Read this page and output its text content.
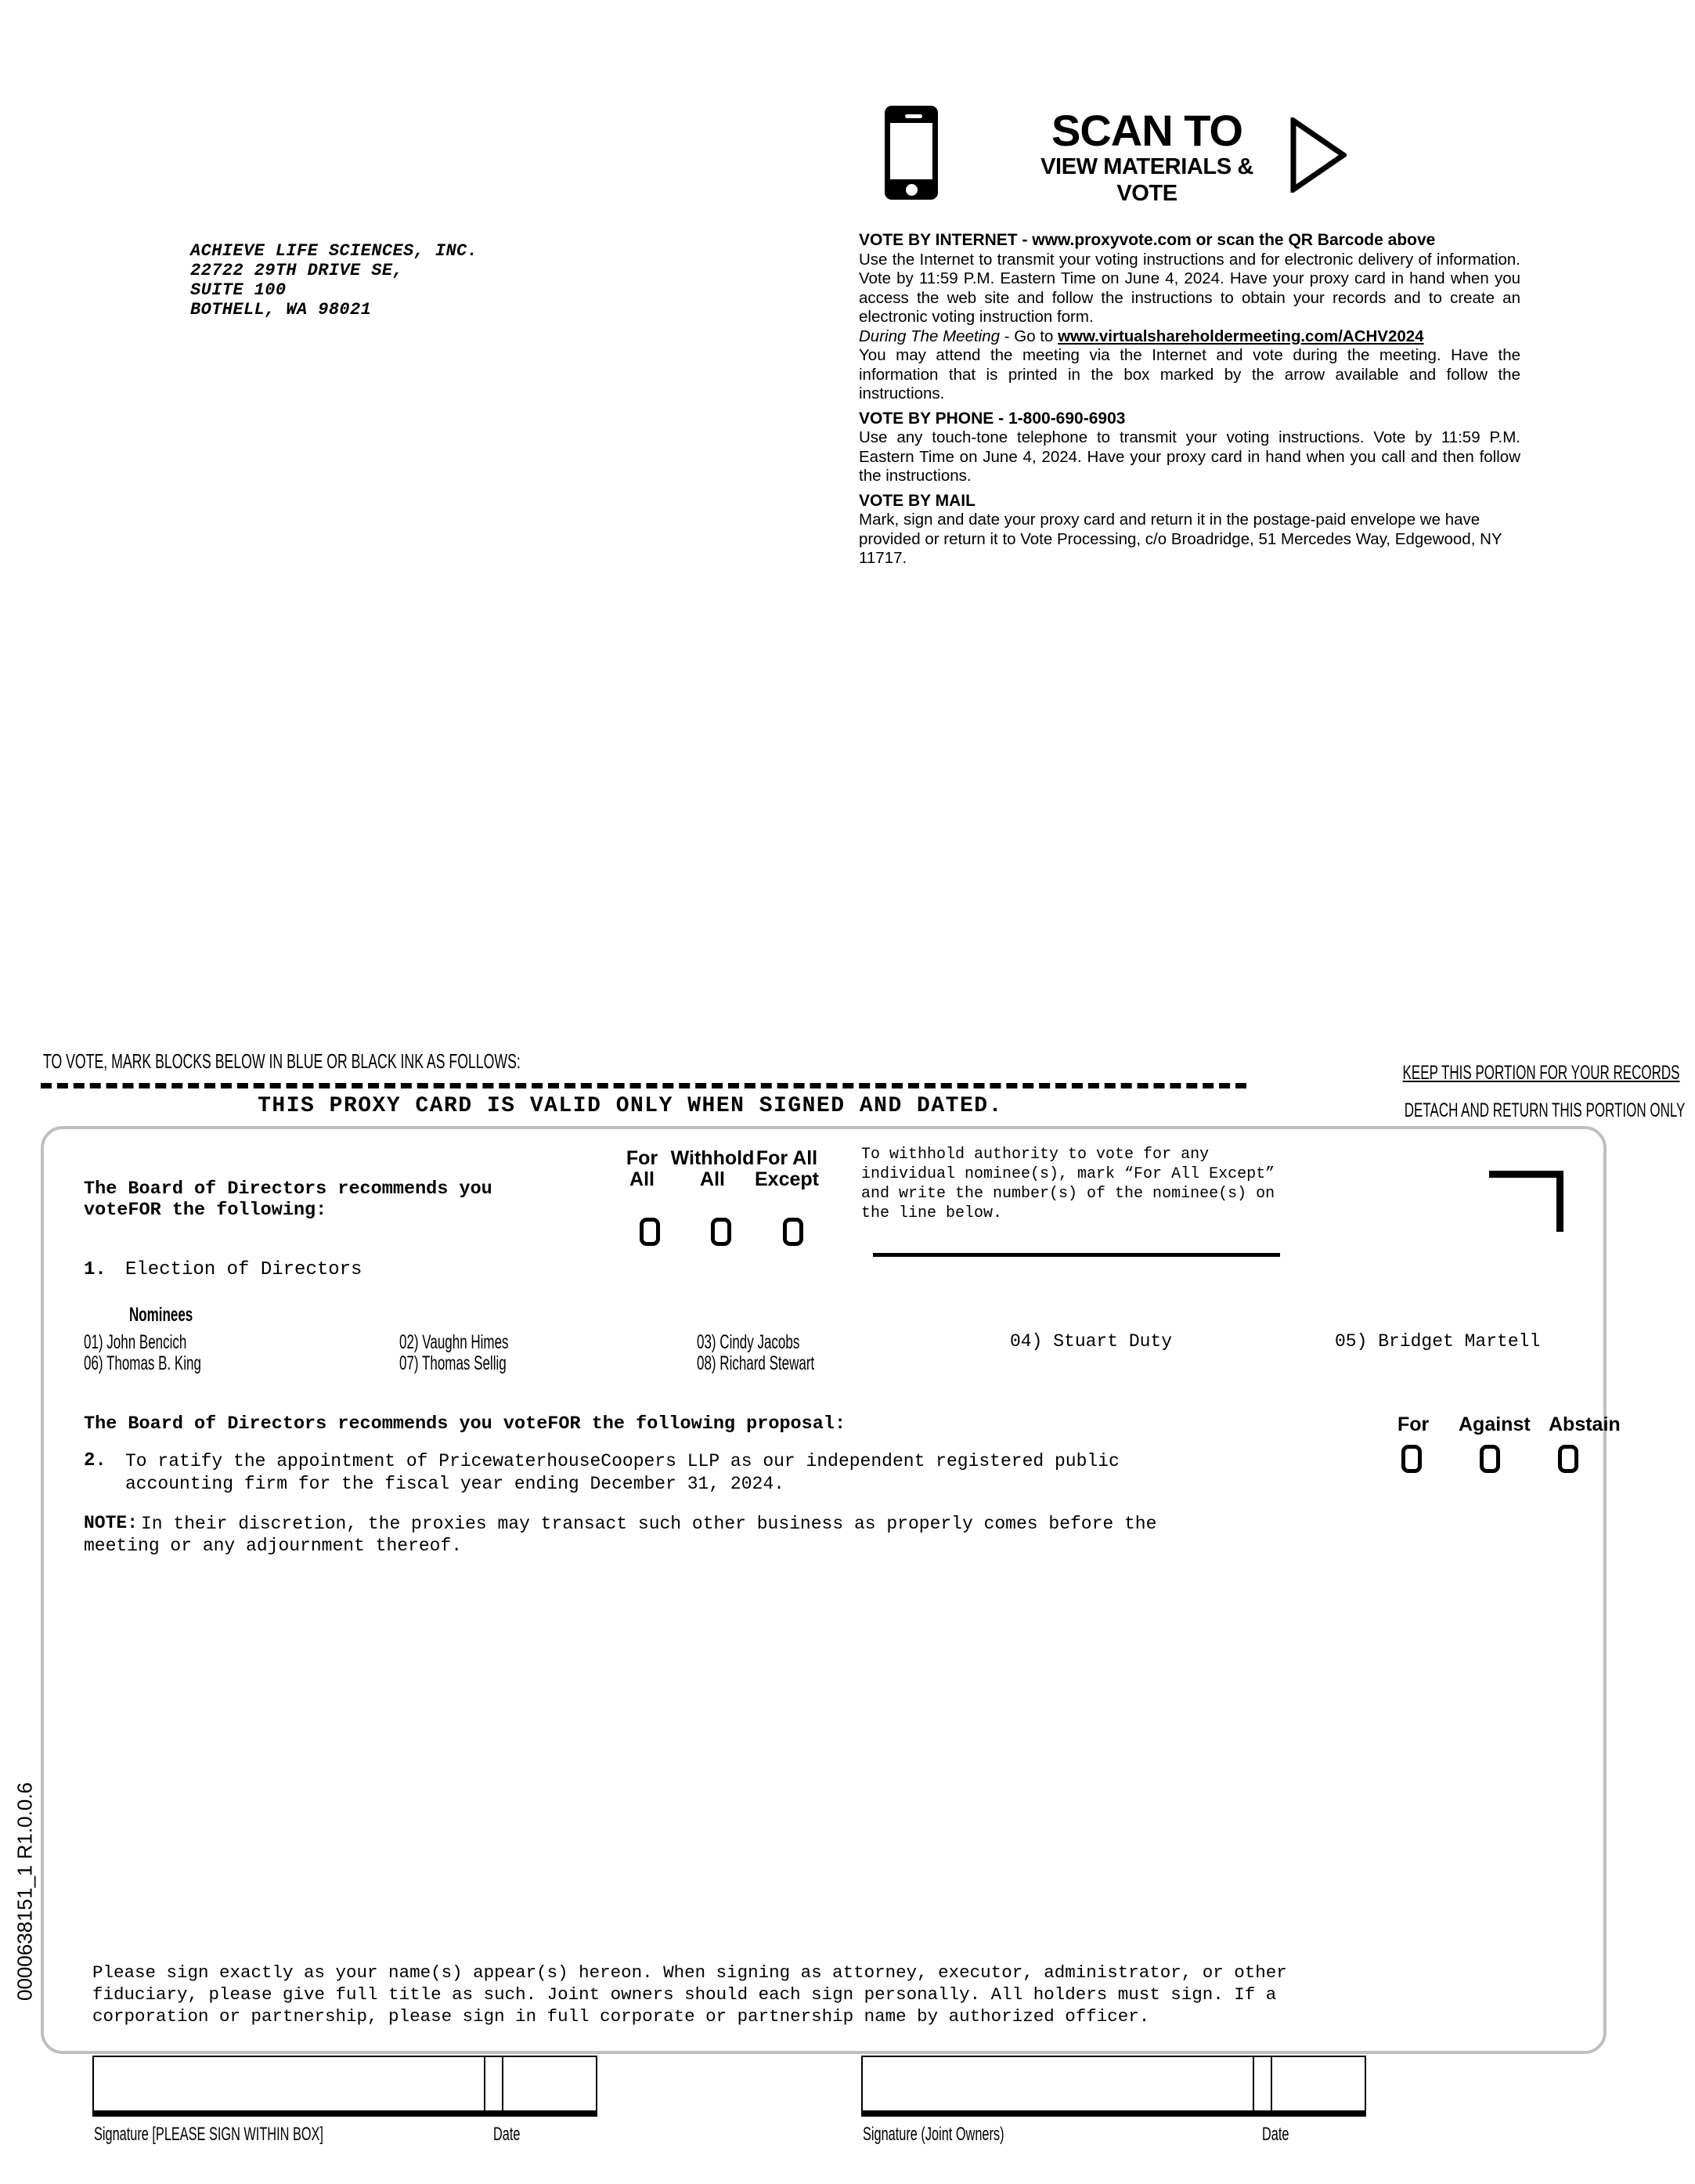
SCAN TO
VIEW MATERIALS & VOTE
ACHIEVE LIFE SCIENCES, INC.
22722 29TH DRIVE SE,
SUITE 100
BOTHELL, WA 98021
VOTE BY INTERNET - www.proxyvote.com or scan the QR Barcode above

Use the Internet to transmit your voting instructions and for electronic delivery of information. Vote by 11:59 P.M. Eastern Time on June 4, 2024. Have your proxy card in hand when you access the web site and follow the instructions to obtain your records and to create an electronic voting instruction form.

During The Meeting - Go to www.virtualshareholdermeeting.com/ACHV2024

You may attend the meeting via the Internet and vote during the meeting. Have the information that is printed in the box marked by the arrow available and follow the instructions.

VOTE BY PHONE - 1-800-690-6903

Use any touch-tone telephone to transmit your voting instructions. Vote by 11:59 P.M. Eastern Time on June 4, 2024. Have your proxy card in hand when you call and then follow the instructions.

VOTE BY MAIL

Mark, sign and date your proxy card and return it in the postage-paid envelope we have provided or return it to Vote Processing, c/o Broadridge, 51 Mercedes Way, Edgewood, NY 11717.

TO VOTE, MARK BLOCKS BELOW IN BLUE OR BLACK INK AS FOLLOWS:	KEEP THIS PORTION FOR YOUR RECORDS
DETACH AND RETURN THIS PORTION ONLY
THIS PROXY CARD IS VALID ONLY WHEN SIGNED AND DATED.
The Board of Directors recommends you voteFOR the following:
For
All
Withhold
All
For All
Except
To withhold authority to vote for any individual nominee(s), mark “For All Except” and write the number(s) of the nominee(s) on the line below.
1. Election of Directors
Nominees
01) John Bencich	02) Vaughn Himes	03) Cindy Jacobs	04) Stuart Duty	05) Bridget Martell
06) Thomas B. King	07) Thomas Sellig	08) Richard Stewart
The Board of Directors recommends you voteFOR the following proposal:	For Against Abstain
2. To ratify the appointment of PricewaterhouseCoopers LLP as our independent registered public accounting firm for the fiscal year ending December 31, 2024.
In their discretion, the proxies may transact such other business as properly comes before the meeting or any adjournment thereof.
NOTE:
Please sign exactly as your name(s) appear(s) hereon. When signing as attorney, executor, administrator, or other fiduciary, please give full title as such. Joint owners should each sign personally. All holders must sign. If a corporation or partnership, please sign in full corporate or partnership name by authorized officer.
Signature [PLEASE SIGN WITHIN BOX]	Date	Signature (Joint Owners)	Date
0000638151_1 R1.0.0.6
